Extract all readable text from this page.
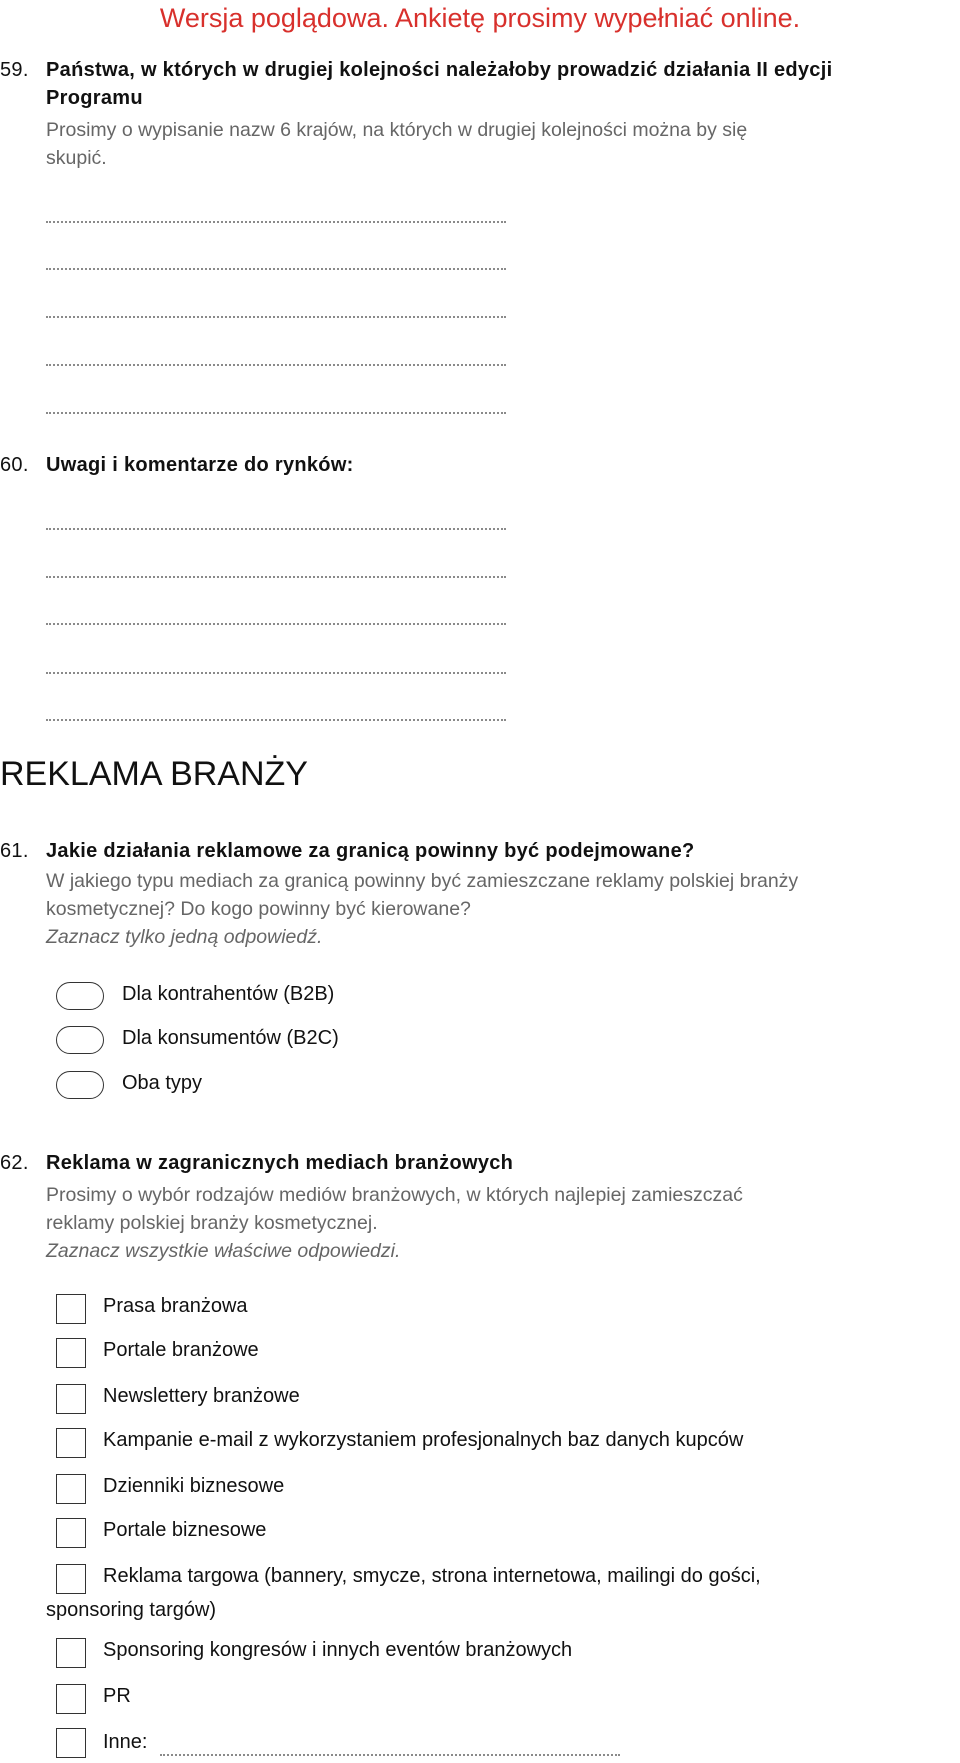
Wersja poglądowa. Ankietę prosimy wypełniać online.
59. Państwa, w których w drugiej kolejności należałoby prowadzić działania II edycji
Programu
Prosimy o wypisanie nazw 6 krajów, na których w drugiej kolejności można by się
skupić.
60. Uwagi i komentarze do rynków:
REKLAMA BRANŻY
61. Jakie działania reklamowe za granicą powinny być podejmowane?
W jakiego typu mediach za granicą powinny być zamieszczane reklamy polskiej branży
kosmetycznej? Do kogo powinny być kierowane?
Zaznacz tylko jedną odpowiedź.
Dla kontrahentów (B2B)
Dla konsumentów (B2C)
Oba typy
62. Reklama w zagranicznych mediach branżowych
Prosimy o wybór rodzajów mediów branżowych, w których najlepiej zamieszczać
reklamy polskiej branży kosmetycznej.
Zaznacz wszystkie właściwe odpowiedzi.
Prasa branżowa
Portale branżowe
Newslettery branżowe
Kampanie e-mail z wykorzystaniem profesjonalnych baz danych kupców
Dzienniki biznesowe
Portale biznesowe
Reklama targowa (bannery, smycze, strona internetowa, mailingi do gości,
sponsoring targów)
Sponsoring kongresów i innych eventów branżowych
PR
Inne:
